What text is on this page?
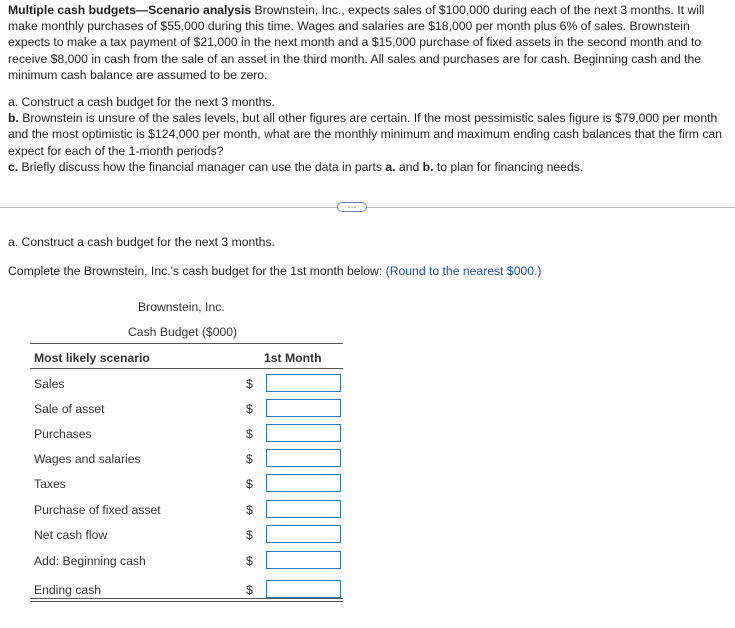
Multiple cash budgets—Scenario analysis Brownstein, Inc., expects sales of $100,000 during each of the next 3 months. It will make monthly purchases of $55,000 during this time. Wages and salaries are $18,000 per month plus 6% of sales. Brownstein expects to make a tax payment of $21,000 in the next month and a $15,000 purchase of fixed assets in the second month and to receive $8,000 in cash from the sale of an asset in the third month. All sales and purchases are for cash. Beginning cash and the minimum cash balance are assumed to be zero.

a. Construct a cash budget for the next 3 months.

b. Brownstein is unsure of the sales levels, but all other figures are certain. If the most pessimistic sales figure is $79,000 per month and the most optimistic is $124,000 per month, what are the monthly minimum and maximum ending cash balances that the firm can expect for each of the 1-month periods?

c. Briefly discuss how the financial manager can use the data in parts a. and b. to plan for financing needs.

···
a. Construct a cash budget for the next 3 months.
Complete the Brownstein, Inc.'s cash budget for the 1st month below: (Round to the nearest $000.)
Brownstein, Inc.
Cash Budget ($000)
Most likely scenario	1st Month
Sales	$
Sale of asset	$
Purchases	$
Wages and salaries	$
Taxes	$
Purchase of fixed asset	$
Net cash flow	$
Add: Beginning cash	$
Ending cash	$
